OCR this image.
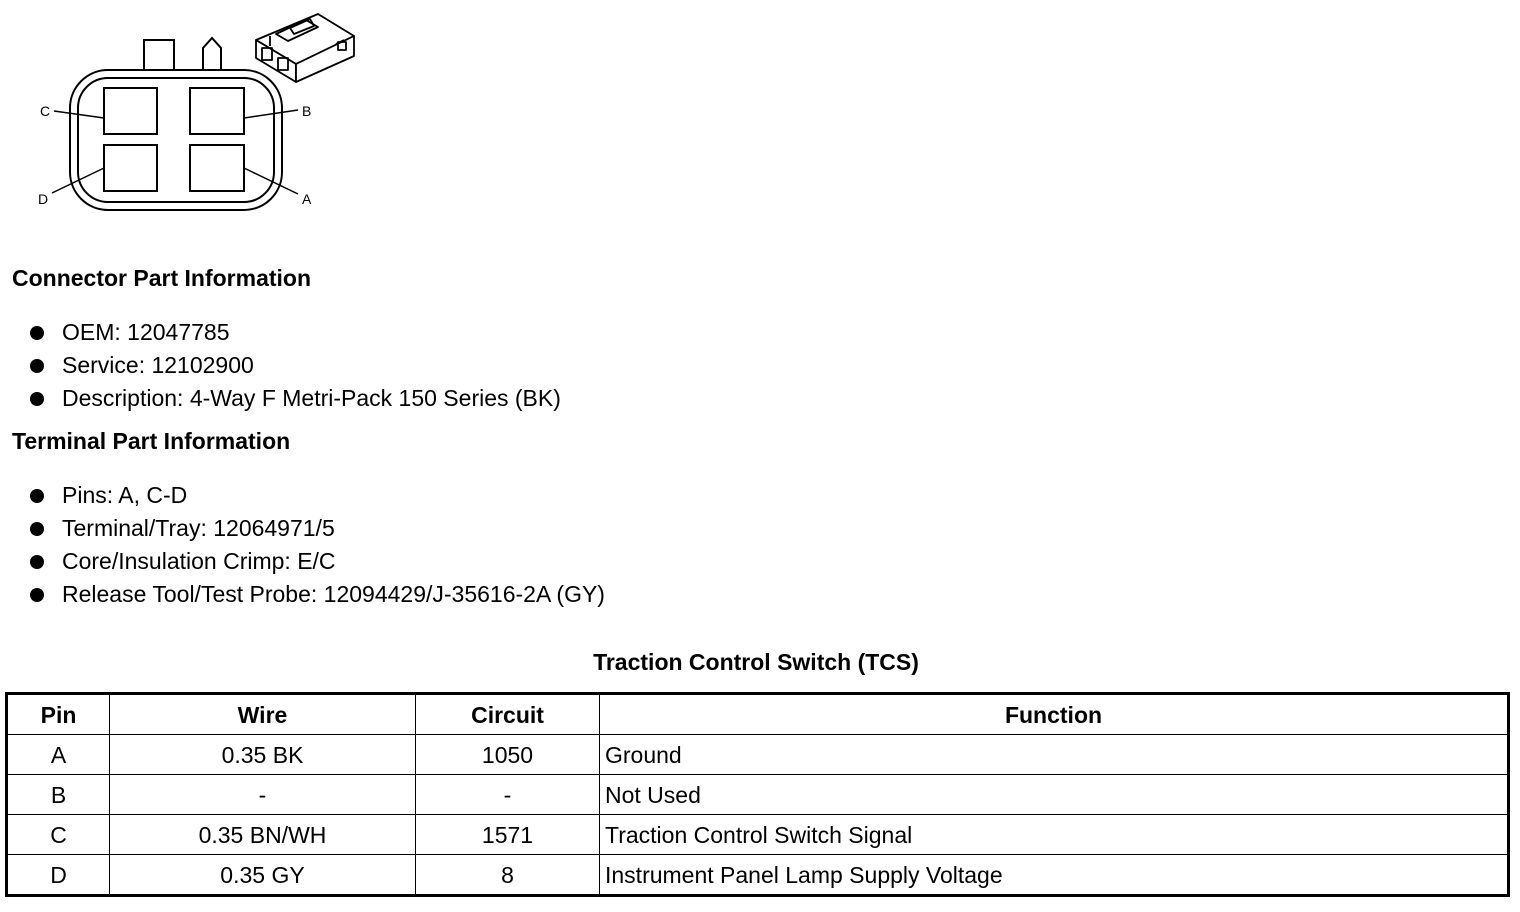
C	B
D	A
Connector Part Information
OEM: 12047785
Service: 12102900
Description: 4-Way F Metri-Pack 150 Series (BK)
Terminal Part Information
Pins: A, C-D
Terminal/Tray: 12064971/5
Core/Insulation Crimp: E/C
Release Tool/Test Probe: 12094429/J-35616-2A (GY)
Traction Control Switch (TCS)
Pin	Wire	Circuit	Function
A	0.35 BK	1050	Ground
B	-	-	Not Used
C	0.35 BN/WH	1571	Traction Control Switch Signal
D	0.35 GY	8	Instrument Panel Lamp Supply Voltage
